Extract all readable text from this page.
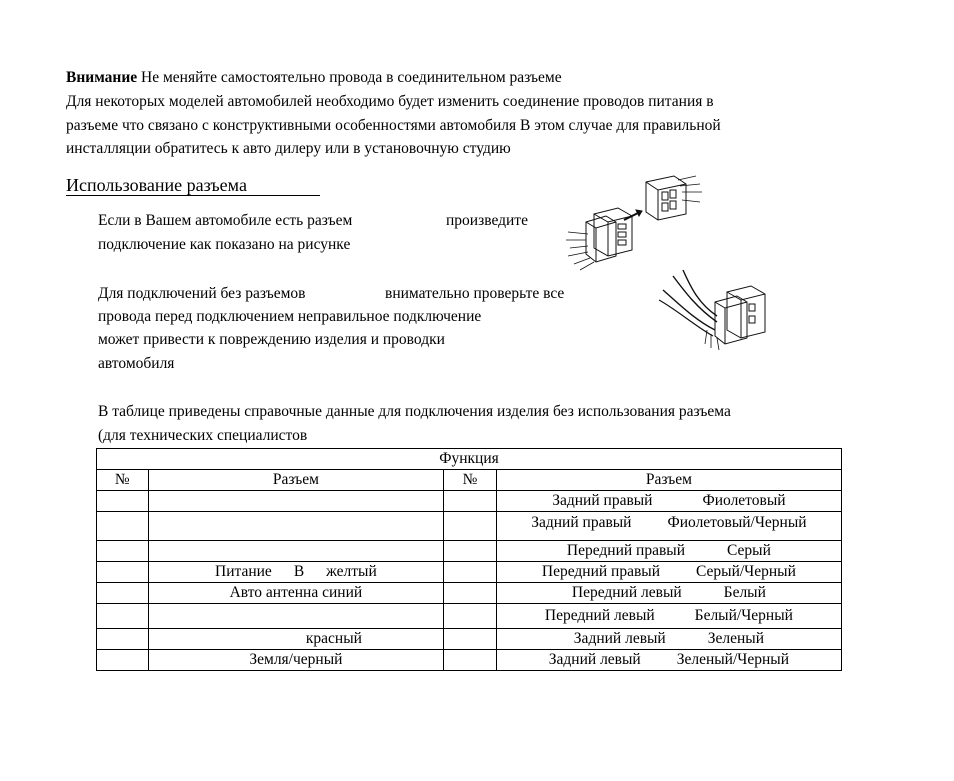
Внимание Не меняйте самостоятельно провода в соединительном разъеме
Для некоторых моделей автомобилей необходимо будет изменить соединение проводов питания в
разъеме что связано с конструктивными особенностями автомобиля В этом случае для правильной
инсталляции обратитесь к авто дилеру или в установочную студию
Использование разъема
Если в Вашем автомобиле есть разъем	произведите
подключение как показано на рисунке
Для подключений без разъемов	внимательно проверьте все
провода перед подключением неправильное подключение
может привести к повреждению изделия и проводки
автомобиля
В таблице приведены справочные данные для подключения изделия без использования разъема
(для технических специалистов
Функция			
№	Разъем	№	Разъем

			Задний правый Фиолетовый

			Задний правый Фиолетовый/Черный

			Передний правый Серый

	Питание В желтый		Передний правый Серый/Черный

	Авто антенна синий		Передний левый Белый

			Передний левый Белый/Черный

	красный		Задний левый Зеленый

	Земля/черный		Задний левый Зеленый/Черный
